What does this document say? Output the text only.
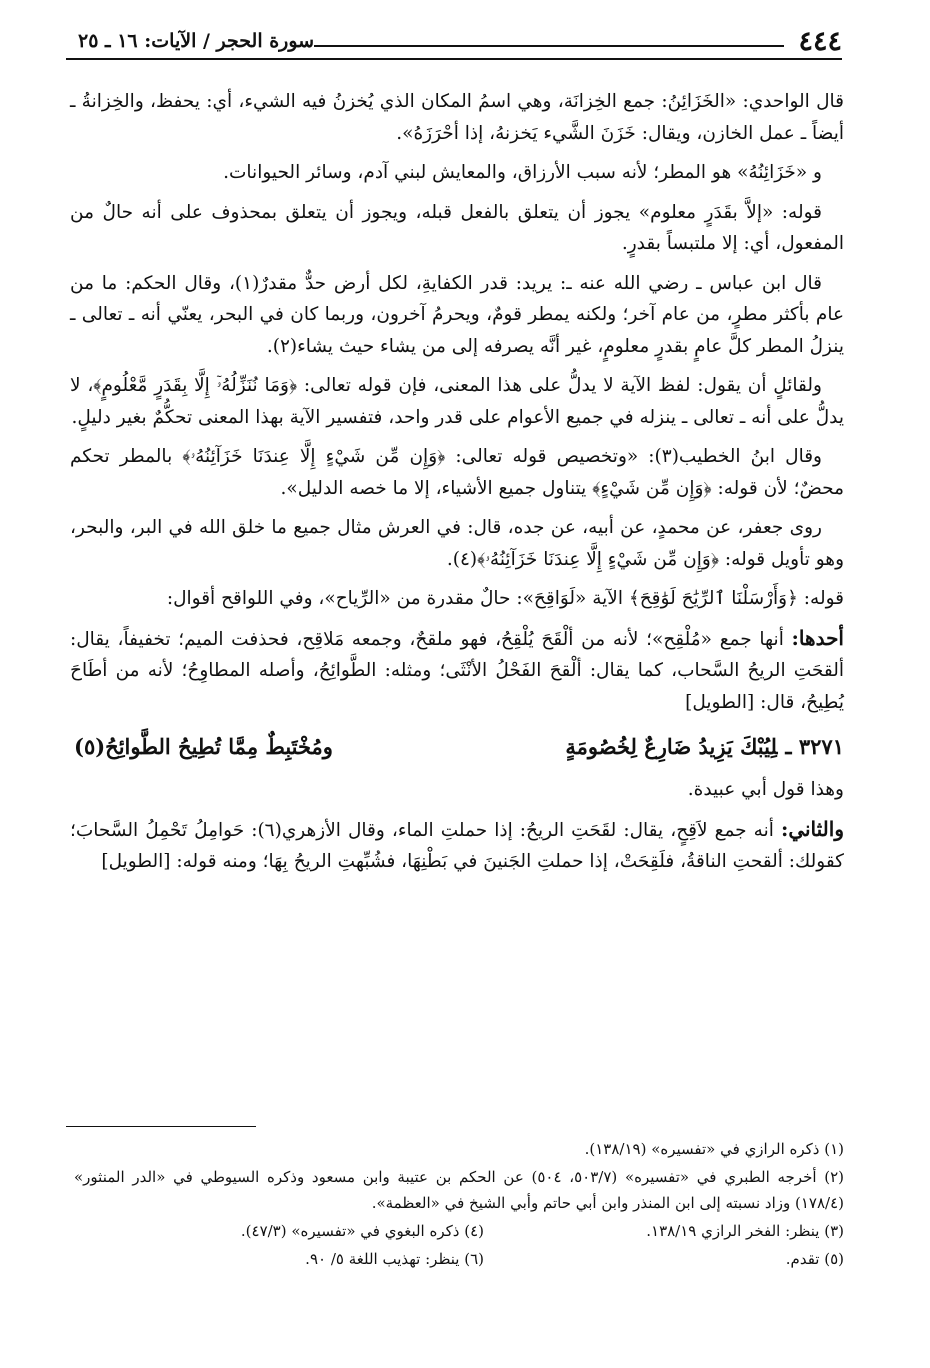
٤٤٤
سورة الحجر / الآيات: ١٦ ـ ٢٥

قال الواحدي: «الخَزَائِنُ: جمع الخِزانَة، وهي اسمُ المكان الذي يُخزنُ فيه الشيء، أي: يحفظ، والخِزانةُ ـ أيضاً ـ عمل الخازن، ويقال: خَزَنَ الشَّيء يَخزنهُ، إذا أحْرَزَهُ».

و «خَزَائِنُهُ» هو المطر؛ لأنه سبب الأرزاق، والمعايش لبني آدم، وسائر الحيوانات.

قوله: «إلاَّ بقَدَرٍ معلوم» يجوز أن يتعلق بالفعل قبله، ويجوز أن يتعلق بمحذوف على أنه حالٌ من المفعول، أي: إلا ملتبساً بقدرٍ.

قال ابن عباس ـ رضي الله عنه ـ: يريد: قدر الكفايةِ، لكل أرض حدٌّ مقدرٌ(١)، وقال الحكم: ما من عام بأكثر مطرٍ، من عام آخر؛ ولكنه يمطر قومٌ، ويحرمُ آخرون، وربما كان في البحر، يعنّي أنه ـ تعالى ـ ينزلُ المطر كلَّ عامٍ بقدرٍ معلومٍ، غير أنَّه يصرفه إلى من يشاء حيث يشاء(٢).

ولقائلٍ أن يقول: لفظ الآية لا يدلُّ على هذا المعنى، فإن قوله تعالى: ﴿وَمَا نُنَزِّلُهُۥٓ إِلَّا بِقَدَرٍ مَّعْلُومٍ﴾، لا يدلُّ على أنه ـ تعالى ـ ينزله في جميع الأعوام على قدر واحد، فتفسير الآية بهذا المعنى تحكُّمٌ بغير دليلٍ.

وقال ابنُ الخطيب(٣): «وتخصيص قوله تعالى: ﴿وَإِن مِّن شَيْءٍ إِلَّا عِندَنَا خَزَآئِنُهُۥ﴾ بالمطر تحكم محضٌ؛ لأن قوله: ﴿وَإِن مِّن شَيْءٍ﴾ يتناول جميع الأشياء، إلا ما خصه الدليل».

روى جعفر، عن محمدٍ، عن أبيه، عن جده، قال: في العرش مثال جميع ما خلق الله في البر، والبحر، وهو تأويل قوله: ﴿وَإِن مِّن شَيْءٍ إِلَّا عِندَنَا خَزَآئِنُهُۥ﴾(٤).

قوله: ﴿وَأَرْسَلْنَا ٱلرِّيَٰحَ لَوَٰقِحَ﴾ الآية «لَوَاقِحَ»: حالٌ مقدرة من «الرِّياح»، وفي اللواقح أقوال:

أحدها: أنها جمع «مُلْقِح»؛ لأنه من ألْقَحَ يُلْقِحُ، فهو ملقحٌ، وجمعه مَلاقِح، فحذفت الميم؛ تخفيفاً، يقال: ألقحَتِ الريحُ السَّحاب، كما يقال: ألْقحَ الفَحْلُ الأنْثَى؛ ومثله: الطَّوائِحُ، وأصله المطاوِحُ؛ لأنه من أطَاحَ يُطِيحُ، قال: [الطويل]

٣٢٧١ ـلِيُبْكَ يَزِيدُ ضَارِعٌ لِخُصُومَةٍ
ومُخْتَبِطٌ مِمَّا تُطِيحُ الطَّوائِحُ(٥)

وهذا قول أبي عبيدة.

والثاني: أنه جمع لاَقِحٍ، يقال: لقَحَتِ الريحُ: إذا حملتِ الماء، وقال الأزهري(٦): حَوامِلُ تَحْمِلُ السَّحابَ؛ كقولك: ألقحتِ الناقةُ، فلَقِحَتْ، إذا حملتِ الجَنينَ في بَطْنِهَا، فشُبِّهتِ الريحُ بِهَا؛ ومنه قوله: [الطويل]

(١) ذكره الرازي في «تفسيره» (١٣٨/١٩).
(٢) أخرجه الطبري في «تفسيره» (٥٠٣/٧، ٥٠٤) عن الحكم بن عتيبة وابن مسعود وذكره السيوطي في «الدر المنثور» (١٧٨/٤) وزاد نسبته إلى ابن المنذر وابن أبي حاتم وأبي الشيخ في «العظمة».
(٣) ينظر: الفخر الرازي ١٣٨/١٩.
(٤) ذكره البغوي في «تفسيره» (٤٧/٣).
(٥) تقدم.
(٦) ينظر: تهذيب اللغة ٥/ ٩٠.
